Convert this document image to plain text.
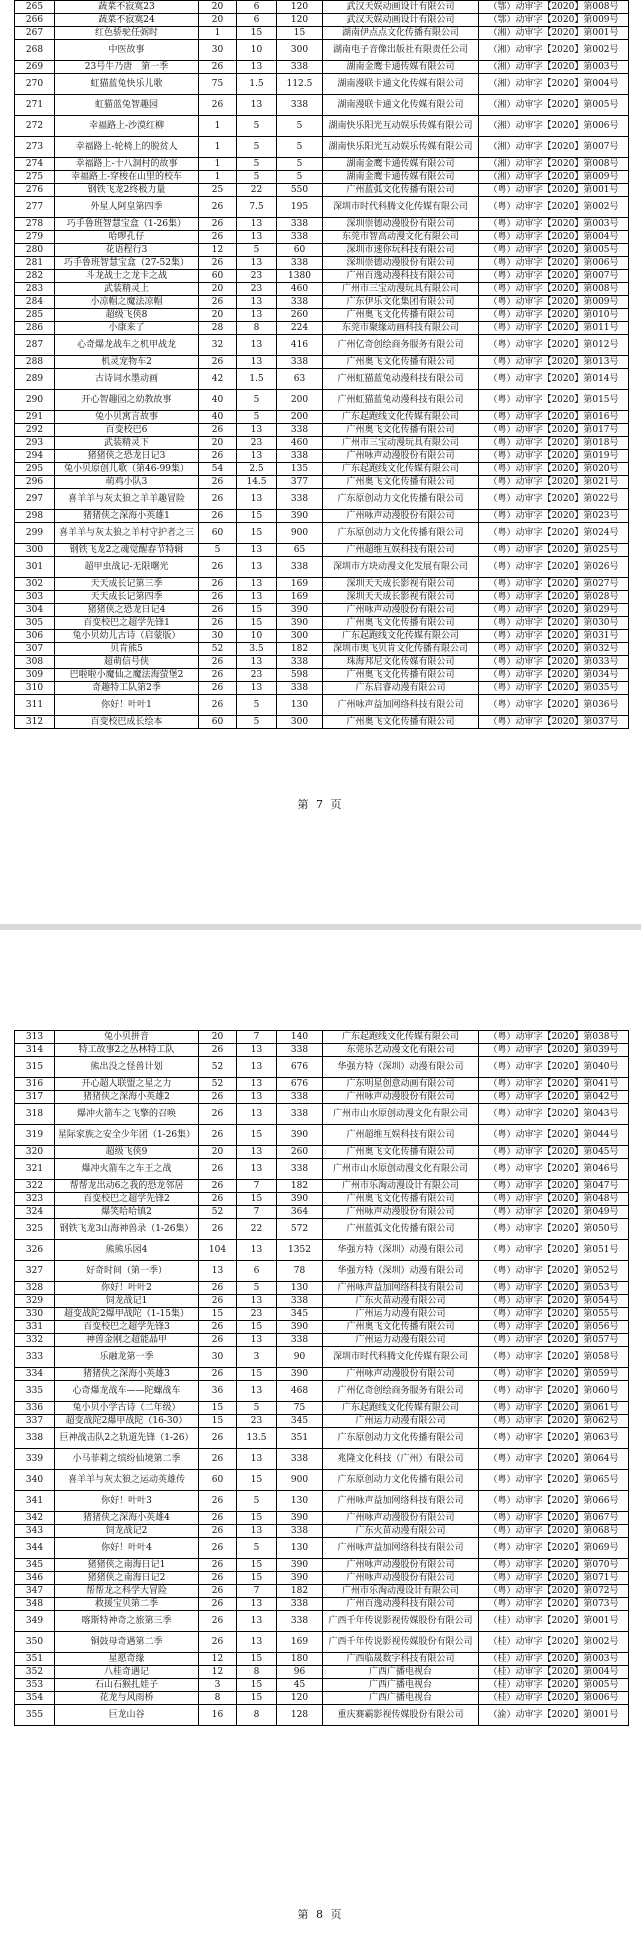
265	蔬菜不寂寞23	20	6	120	武汉天娱动画设计有限公司	（鄂）动审字【2020】第008号
266	蔬菜不寂寞24	20	6	120	武汉天娱动画设计有限公司	（鄂）动审字【2020】第009号
267	红色骄驼任弼时	1	15	15	湖南伊点点文化传播有限公司	（湘）动审字【2020】第001号
268	中医故事	30	10	300	湖南电子音像出版社有限责任公司	（湘）动审字【2020】第002号
269	23号牛乃唐　第一季	26	13	338	湖南金鹰卡通传媒有限公司	（湘）动审字【2020】第003号
270	虹猫蓝兔快乐儿歌	75	1.5	112.5	湖南漫联卡通文化传媒有限公司	（湘）动审字【2020】第004号
271	虹猫蓝兔智趣园	26	13	338	湖南漫联卡通文化传媒有限公司	（湘）动审字【2020】第005号
272	幸福路上-沙漠红柳	1	5	5	湖南快乐阳光互动娱乐传媒有限公司	（湘）动审字【2020】第006号
273	幸福路上-轮椅上的脱贫人	1	5	5	湖南快乐阳光互动娱乐传媒有限公司	（湘）动审字【2020】第007号
274	幸福路上-十八洞村的故事	1	5	5	湖南金鹰卡通传媒有限公司	（湘）动审字【2020】第008号
275	幸福路上-穿梭在山里的校车	1	5	5	湖南金鹰卡通传媒有限公司	（湘）动审字【2020】第009号
276	钢铁飞龙2终极力量	25	22	550	广州蓝弧文化传播有限公司	（粤）动审字【2020】第001号
277	外星人阿皇第四季	26	7.5	195	深圳市时代科腾文化传媒有限公司	（粤）动审字【2020】第002号
278	巧手鲁班智慧宝盒（1-26集）	26	13	338	深圳崇德动漫股份有限公司	（粤）动审字【2020】第003号
279	哈啰孔仔	26	13	338	东莞市智高动漫文化有限公司	（粤）动审字【2020】第004号
280	花语程行3	12	5	60	深圳市速你玩科技有限公司	（粤）动审字【2020】第005号
281	巧手鲁班智慧宝盒（27-52集）	26	13	338	深圳崇德动漫股份有限公司	（粤）动审字【2020】第006号
282	斗龙战士之龙卡之战	60	23	1380	广州百逸动漫科技有限公司	（粤）动审字【2020】第007号
283	武装精灵上	20	23	460	广州市三宝动漫玩具有限公司	（粤）动审字【2020】第008号
284	小凉帽之魔法凉帽	26	13	338	广东伊乐文化集团有限公司	（粤）动审字【2020】第009号
285	超级飞侠8	20	13	260	广州奥飞文化传播有限公司	（粤）动审字【2020】第010号
286	小康来了	28	8	224	东莞市聚缘动画科技有限公司	（粤）动审字【2020】第011号
287	心奇爆龙战车之机甲战龙	32	13	416	广州亿奇创绘商务服务有限公司	（粤）动审字【2020】第012号
288	机灵宠物车2	26	13	338	广州奥飞文化传播有限公司	（粤）动审字【2020】第013号
289	古诗词水墨动画	42	1.5	63	广州虹猫蓝兔动漫科技有限公司	（粤）动审字【2020】第014号
290	开心智趣园之幼教故事	40	5	200	广州虹猫蓝兔动漫科技有限公司	（粤）动审字【2020】第015号
291	兔小贝寓言故事	40	5	200	广东起跑线文化传媒有限公司	（粤）动审字【2020】第016号
292	百变校巴6	26	13	338	广州奥飞文化传播有限公司	（粤）动审字【2020】第017号
293	武装精灵下	20	23	460	广州市三宝动漫玩具有限公司	（粤）动审字【2020】第018号
294	猪猪侠之恐龙日记3	26	13	338	广州咏声动漫股份有限公司	（粤）动审字【2020】第019号
295	兔小贝原创儿歌（第46-99集）	54	2.5	135	广东起跑线文化传媒有限公司	（粤）动审字【2020】第020号
296	萌鸡小队3	26	14.5	377	广州奥飞文化传播有限公司	（粤）动审字【2020】第021号
297	喜羊羊与灰太狼之羊羊趣冒险	26	13	338	广东原创动力文化传播有限公司	（粤）动审字【2020】第022号
298	猪猪侠之深海小英雄1	26	15	390	广州咏声动漫股份有限公司	（粤）动审字【2020】第023号
299	喜羊羊与灰太狼之羊村守护者之三	60	15	900	广东原创动力文化传播有限公司	（粤）动审字【2020】第024号
300	钢铁飞龙2之魂觉醒春节特辑	5	13	65	广州超维互娱科技有限公司	（粤）动审字【2020】第025号
301	超甲虫战记-无限曙光	26	13	338	深圳市方块动漫文化发展有限公司	（粤）动审字【2020】第026号
302	天天成长记第三季	26	13	169	深圳天天成长影视有限公司	（粤）动审字【2020】第027号
303	天天成长记第四季	26	13	169	深圳天天成长影视有限公司	（粤）动审字【2020】第028号
304	猪猪侠之恐龙日记4	26	15	390	广州咏声动漫股份有限公司	（粤）动审字【2020】第029号
305	百变校巴之超学先锋1	26	15	390	广州奥飞文化传播有限公司	（粤）动审字【2020】第030号
306	兔小贝幼儿古诗（启蒙版）	30	10	300	广东起跑线文化传媒有限公司	（粤）动审字【2020】第031号
307	贝肯熊5	52	3.5	182	深圳市奥飞贝肯文化传播有限公司	（粤）动审字【2020】第032号
308	超萌信号侠	26	13	338	珠海邦尼文化传媒有限公司	（粤）动审字【2020】第033号
309	巴啦啦小魔仙之魔法海萤堡2	26	23	598	广州奥飞文化传播有限公司	（粤）动审字【2020】第034号
310	奇趣特工队第2季	26	13	338	广东启睿动漫有限公司	（粤）动审字【2020】第035号
311	你好！叶叶1	26	5	130	广州咏声益加网络科技有限公司	（粤）动审字【2020】第036号
312	百变校巴成长绘本	60	5	300	广州奥飞文化传播有限公司	（粤）动审字【2020】第037号
第 7 页
313	兔小贝拼音	20	7	140	广东起跑线文化传媒有限公司	（粤）动审字【2020】第038号
314	特工故事2之丛林特工队	26	13	338	东莞乐艺动漫文化有限公司	（粤）动审字【2020】第039号
315	熊出没之怪兽计划	52	13	676	华强方特（深圳）动漫有限公司	（粤）动审字【2020】第040号
316	开心超人联盟之星之力	52	13	676	广东明星创意动画有限公司	（粤）动审字【2020】第041号
317	猪猪侠之深海小英雄2	26	13	338	广州咏声动漫股份有限公司	（粤）动审字【2020】第042号
318	爆冲火箭车之飞擎的召唤	26	13	338	广州市山水原创动漫文化有限公司	（粤）动审字【2020】第043号
319	星际家族之安全少年团（1-26集）	26	15	390	广州超维互娱科技有限公司	（粤）动审字【2020】第044号
320	超级飞侠9	20	13	260	广州奥飞文化传播有限公司	（粤）动审字【2020】第045号
321	爆冲火箭车之车王之战	26	13	338	广州市山水原创动漫文化有限公司	（粤）动审字【2020】第046号
322	帮帮龙出动6之我的恐龙邻居	26	7	182	广州市乐淘动漫设计有限公司	（粤）动审字【2020】第047号
323	百变校巴之超学先锋2	26	15	390	广州奥飞文化传播有限公司	（粤）动审字【2020】第048号
324	爆笑哈哈镇2	52	7	364	广州咏声动漫股份有限公司	（粤）动审字【2020】第049号
325	钢铁飞龙3山海神兽录（1-26集）	26	22	572	广州蓝弧文化传播有限公司	（粤）动审字【2020】第050号
326	熊熊乐园4	104	13	1352	华强方特（深圳）动漫有限公司	（粤）动审字【2020】第051号
327	好奇时间（第一季）	13	6	78	华强方特（深圳）动漫有限公司	（粤）动审字【2020】第052号
328	你好！叶叶2	26	5	130	广州咏声益加网络科技有限公司	（粤）动审字【2020】第053号
329	饲龙战记1	26	13	338	广东火苗动漫有限公司	（粤）动审字【2020】第054号
330	超变战陀2爆甲战陀（1-15集）	15	23	345	广州运力动漫有限公司	（粤）动审字【2020】第055号
331	百变校巴之超学先锋3	26	15	390	广州奥飞文化传播有限公司	（粤）动审字【2020】第056号
332	神兽金刚之超能晶甲	26	13	338	广州运力动漫有限公司	（粤）动审字【2020】第057号
333	乐融龙第一季	30	3	90	深圳市时代科腾文化传媒有限公司	（粤）动审字【2020】第058号
334	猪猪侠之深海小英雄3	26	15	390	广州咏声动漫股份有限公司	（粤）动审字【2020】第059号
335	心奇爆龙战车——陀螺战车	36	13	468	广州亿奇创绘商务服务有限公司	（粤）动审字【2020】第060号
336	兔小贝小学古诗（二年级）	15	5	75	广东起跑线文化传媒有限公司	（粤）动审字【2020】第061号
337	超变战陀2爆甲战陀（16-30）	15	23	345	广州运力动漫有限公司	（粤）动审字【2020】第062号
338	巨神战击队2之轨道先锋（1-26）	26	13.5	351	广东原创动力文化传播有限公司	（粤）动审字【2020】第063号
339	小马菲莉之缤纷仙境第二季	26	13	338	兆隆文化科技（广州）有限公司	（粤）动审字【2020】第064号
340	喜羊羊与灰太狼之运动英雄传	60	15	900	广东原创动力文化传播有限公司	（粤）动审字【2020】第065号
341	你好！叶叶3	26	5	130	广州咏声益加网络科技有限公司	（粤）动审字【2020】第066号
342	猪猪侠之深海小英雄4	26	15	390	广州咏声动漫股份有限公司	（粤）动审字【2020】第067号
343	饲龙战记2	26	13	338	广东火苗动漫有限公司	（粤）动审字【2020】第068号
344	你好！叶叶4	26	5	130	广州咏声益加网络科技有限公司	（粤）动审字【2020】第069号
345	猪猪侠之南海日记1	26	15	390	广州咏声动漫股份有限公司	（粤）动审字【2020】第070号
346	猪猪侠之南海日记2	26	15	390	广州咏声动漫股份有限公司	（粤）动审字【2020】第071号
347	帮帮龙之科学大冒险	26	7	182	广州市乐淘动漫设计有限公司	（粤）动审字【2020】第072号
348	救援宝贝第二季	26	13	338	广州百逸动漫科技有限公司	（粤）动审字【2020】第073号
349	喀斯特神奇之旅第三季	26	13	338	广西千年传说影视传媒股份有限公司	（桂）动审字【2020】第001号
350	铜鼓母奇遇第二季	26	13	169	广西千年传说影视传媒股份有限公司	（桂）动审字【2020】第002号
351	星愿奇缘	12	15	180	广西临晟数字科技有限公司	（桂）动审字【2020】第003号
352	八桂奇遇记	12	8	96	广西广播电视台	（桂）动审字【2020】第004号
353	石山石猴扎娃子	3	15	45	广西广播电视台	（桂）动审字【2020】第005号
354	花龙与风雨桥	8	15	120	广西广播电视台	（桂）动审字【2020】第006号
355	巨龙山谷	16	8	128	重庆赛霸影视传媒股份有限公司	（渝）动审字【2020】第001号
第 8 页
